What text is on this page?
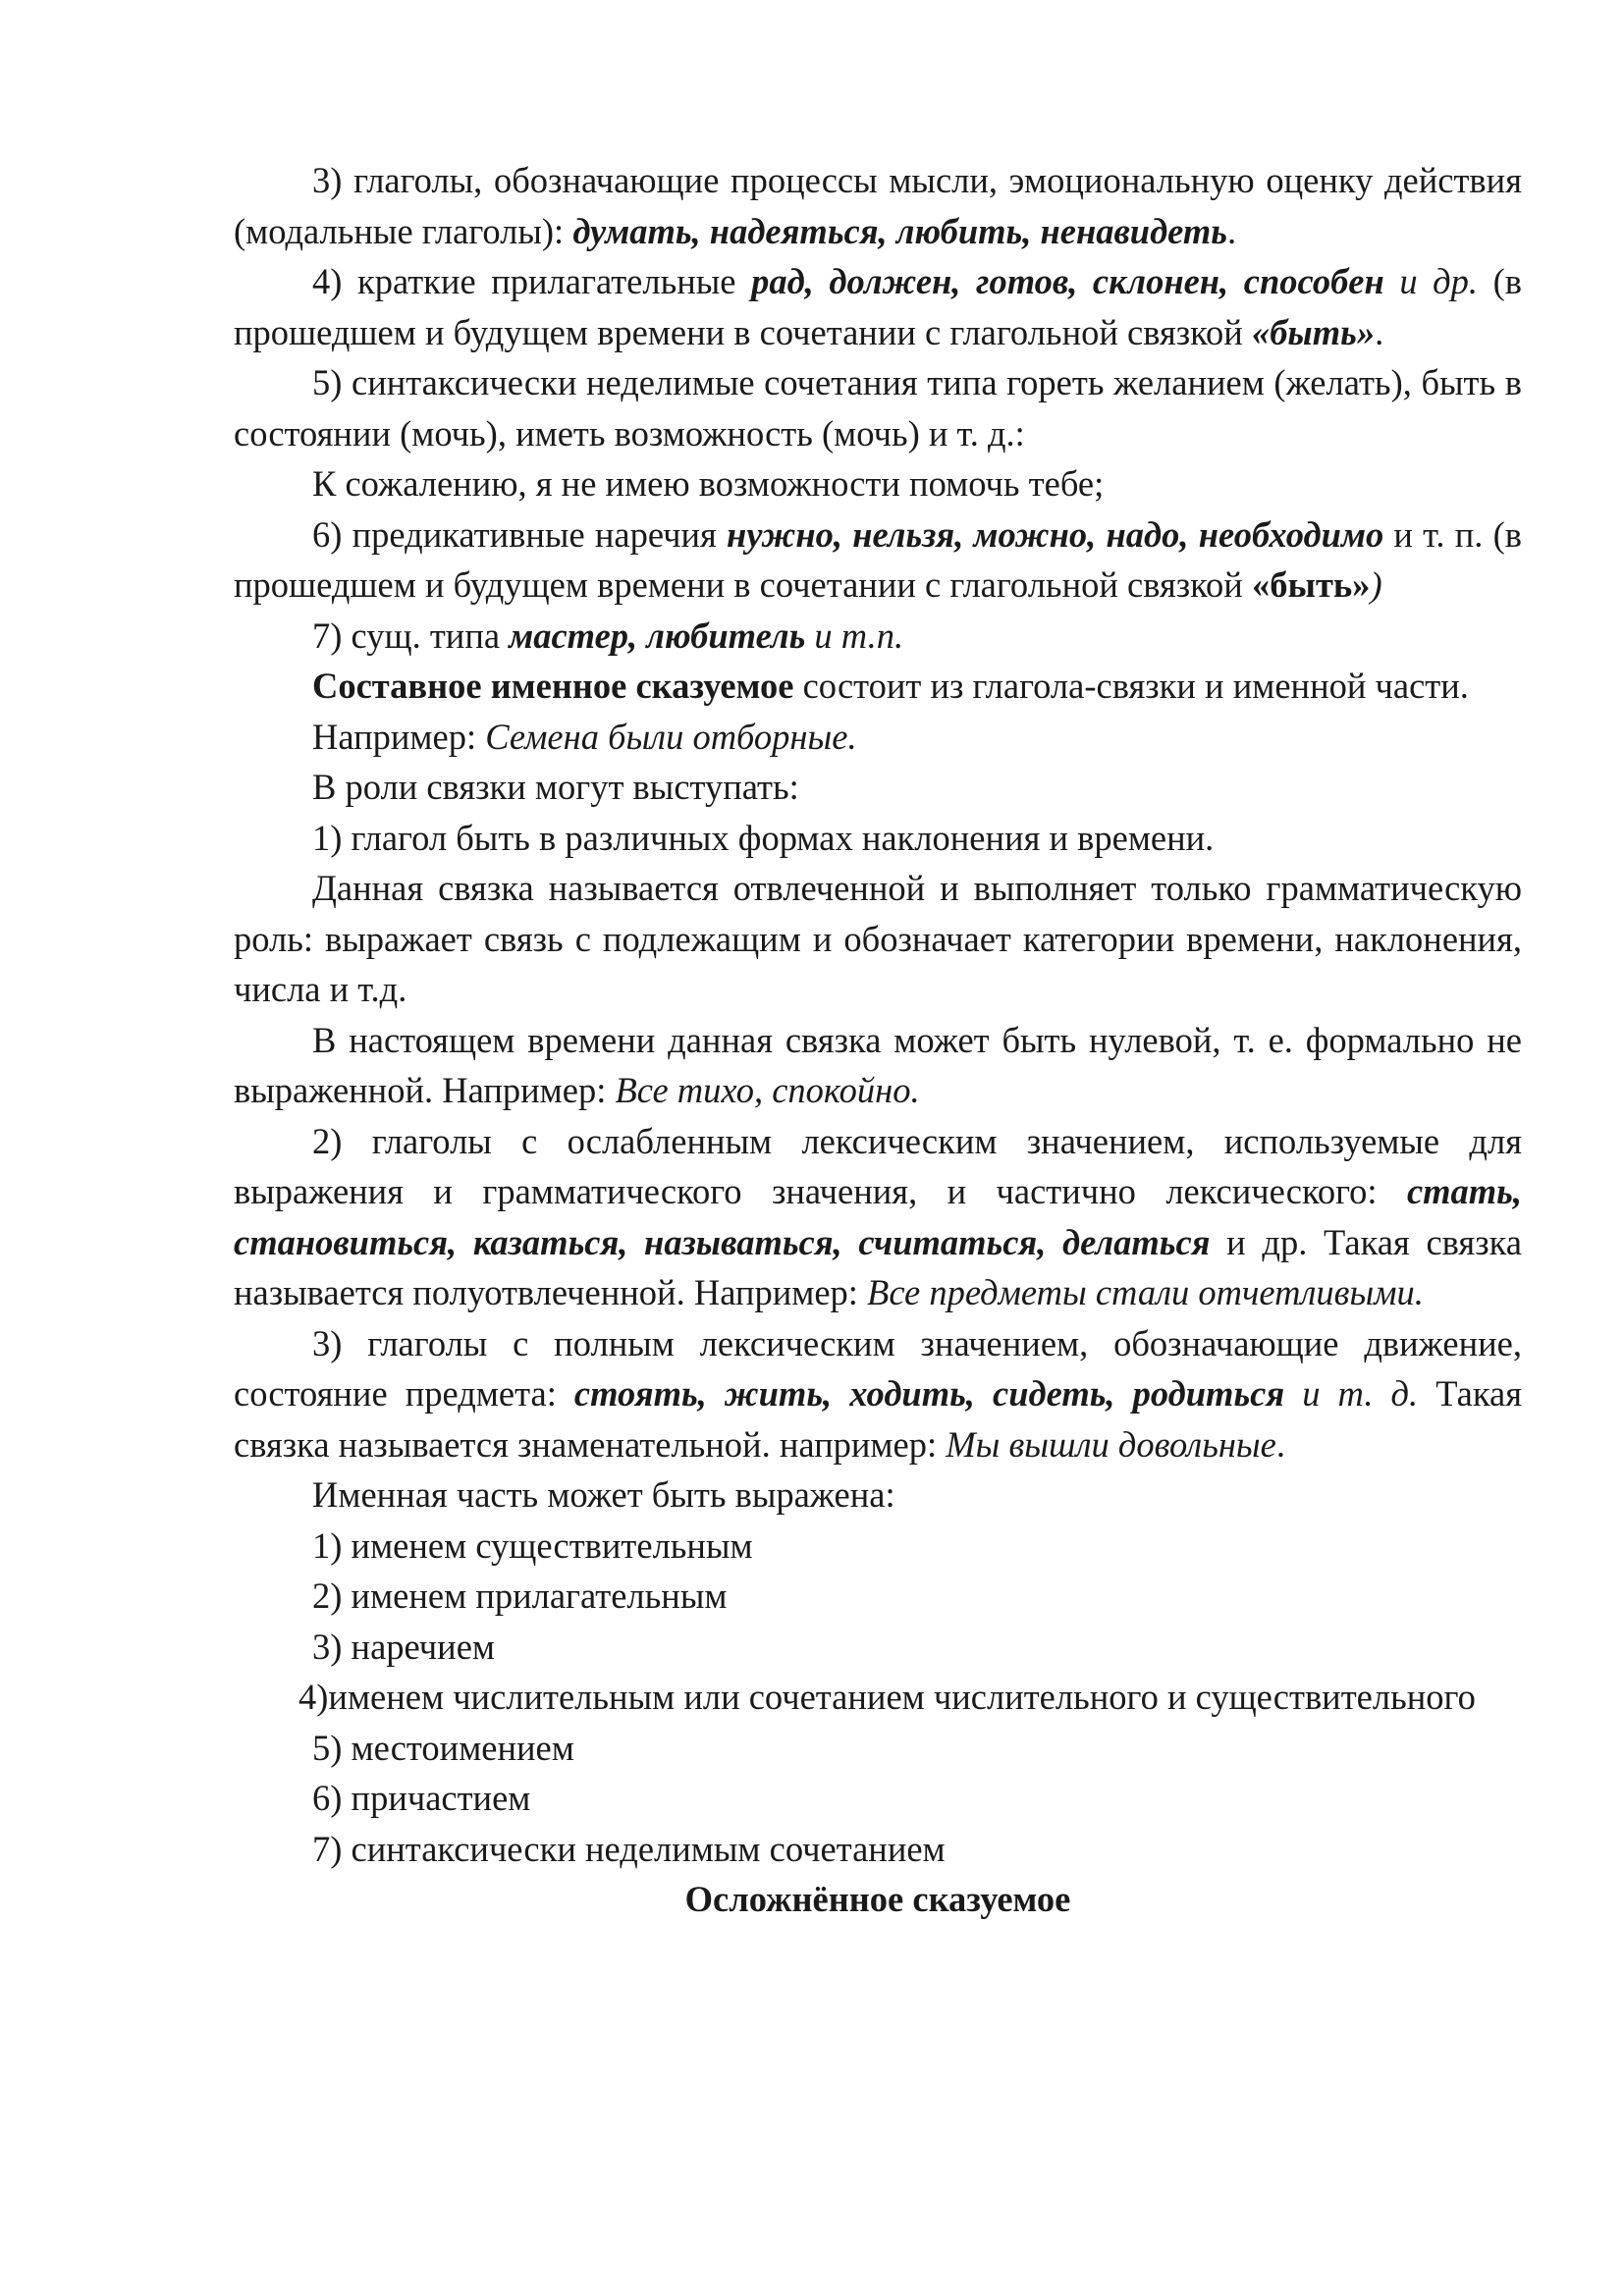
3) глаголы, обозначающие процессы мысли, эмоциональную оценку действия (модальные глаголы): думать, надеяться, любить, ненавидеть.

4) краткие прилагательные рад, должен, готов, склонен, способен и др. (в прошедшем и будущем времени в сочетании с глагольной связкой «быть».

5) синтаксически неделимые сочетания типа гореть желанием (желать), быть в состоянии (мочь), иметь возможность (мочь) и т. д.:

К сожалению, я не имею возможности помочь тебе;

6) предикативные наречия нужно, нельзя, можно, надо, необходимо и т. п. (в прошедшем и будущем времени в сочетании с глагольной связкой «быть»)

7) сущ. типа мастер, любитель и т.п.

Составное именное сказуемое состоит из глагола-связки и именной части.

Например: Семена были отборные.

В роли связки могут выступать:

1) глагол быть в различных формах наклонения и времени.

Данная связка называется отвлеченной и выполняет только грамматическую роль: выражает связь с подлежащим и обозначает категории времени, наклонения, числа и т.д.

В настоящем времени данная связка может быть нулевой, т. е. формально не выраженной. Например: Все тихо, спокойно.

2) глаголы с ослабленным лексическим значением, используемые для выражения и грамматического значения, и частично лексического: стать, становиться, казаться, называться, считаться, делаться и др. Такая связка называется полуотвлеченной. Например: Все предметы стали отчетливыми.

3) глаголы с полным лексическим значением, обозначающие движение, состояние предмета: стоять, жить, ходить, сидеть, родиться и т. д. Такая связка называется знаменательной. например: Мы вышли довольные.

Именная часть может быть выражена:

1) именем существительным

2) именем прилагательным

3) наречием

4)именем числительным или сочетанием числительного и существительного

5) местоимением

6) причастием

7) синтаксически неделимым сочетанием

Осложнённое сказуемое
